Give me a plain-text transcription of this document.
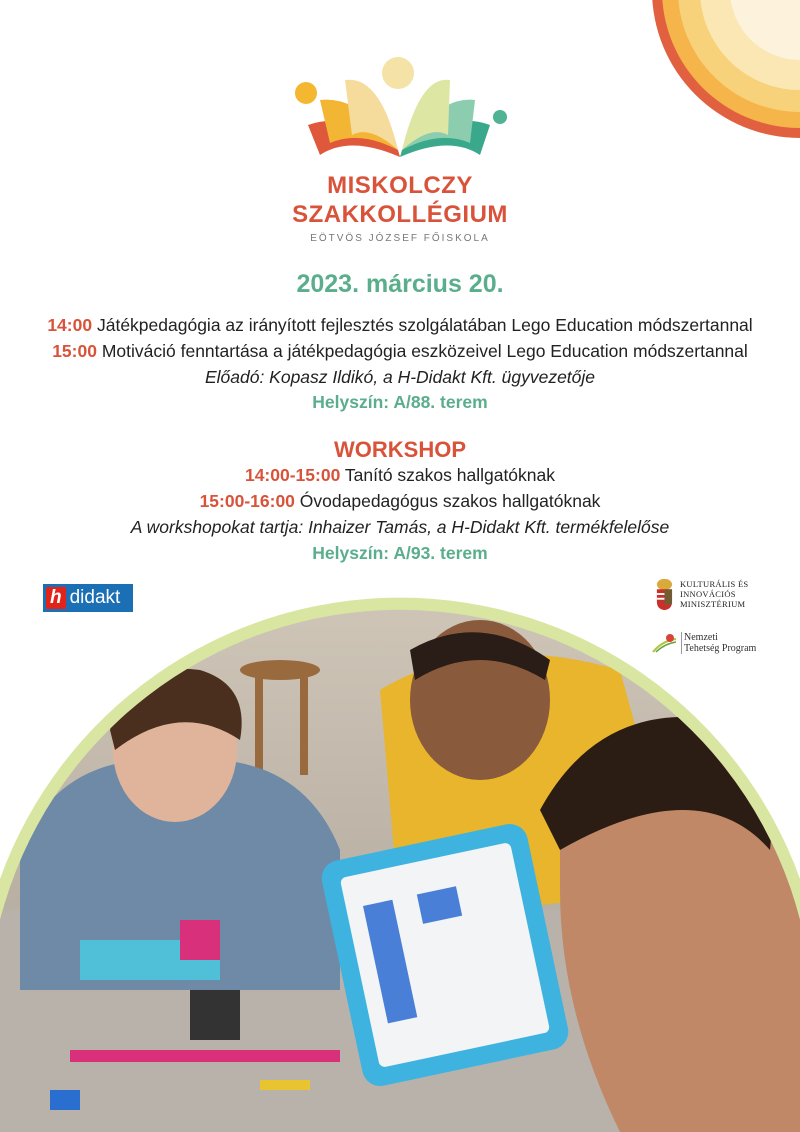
MISKOLCZY
SZAKKOLLÉGIUM
EÖTVÖS JÓZSEF FŐISKOLA
2023. március 20.
14:00 Játékpedagógia az irányított fejlesztés szolgálatában Lego Education módszertannal
15:00 Motiváció fenntartása a játékpedagógia eszközeivel Lego Education módszertannal
Előadó: Kopasz Ildikó, a H-Didakt Kft. ügyvezetője
Helyszín: A/88. terem
WORKSHOP
14:00-15:00 Tanító szakos hallgatóknak
15:00-16:00 Óvodapedagógus szakos hallgatóknak
A workshopokat tartja: Inhaizer Tamás, a H-Didakt Kft. termékfelelőse
Helyszín: A/93. terem
h didakt
KULTURÁLIS ÉS INNOVÁCIÓS
MINISZTÉRIUM
Nemzeti
Tehetség Program
